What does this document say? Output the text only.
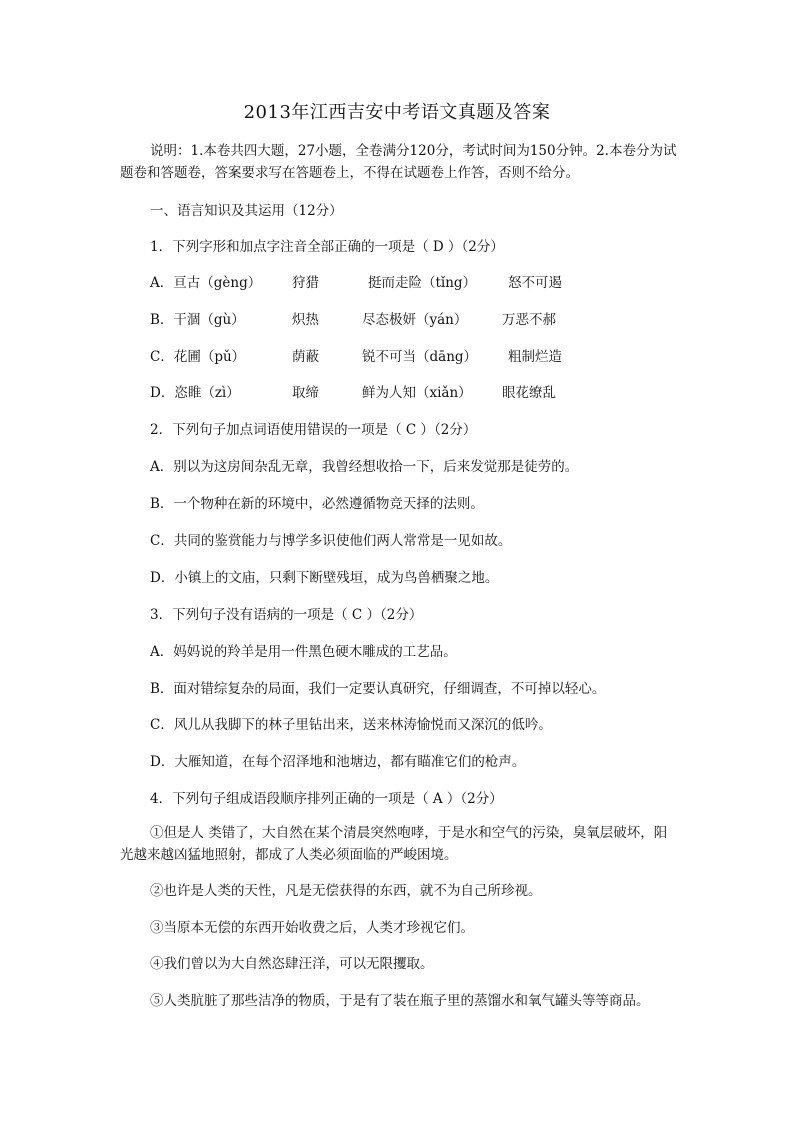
2013年江西吉安中考语文真题及答案
说明：1.本卷共四大题，27小题，全卷满分120分，考试时间为150分钟。2.本卷分为试题卷和答题卷，答案要求写在答题卷上，不得在试题卷上作答，否则不给分。
一、语言知识及其运用（12分）
1．下列字形和加点字注音全部正确的一项是（ D ）（2分）
A．亘古（gèng） 狩猎	挺而走险（tǐng） 怒不可遏
B．干涸（gù）	炽热	尽态极妍（yán）	万恶不郝
C．花圃（pǔ）	荫蔽	锐不可当（dāng） 粗制烂造
D．恣睢（zì）	取缔	鲜为人知（xiǎn） 眼花缭乱
2．下列句子加点词语使用错误的一项是（ C ）（2分）
A．别以为这房间杂乱无章，我曾经想收拾一下，后来发觉那是徒劳的。
B．一个物种在新的环境中，必然遵循物竞天择的法则。
C．共同的鉴赏能力与博学多识使他们两人常常是一见如故。
D．小镇上的文庙，只剩下断壁残垣，成为鸟兽栖聚之地。
3．下列句子没有语病的一项是（ C ）（2分）
A．妈妈说的羚羊是用一件黑色硬木雕成的工艺品。
B．面对错综复杂的局面，我们一定要认真研究，仔细调查，不可掉以轻心。
C．风儿从我脚下的林子里钻出来，送来林涛愉悦而又深沉的低吟。
D．大雁知道，在每个沼泽地和池塘边，都有瞄准它们的枪声。
4．下列句子组成语段顺序排列正确的一项是（ A ）（2分）
①但是人 类错了，大自然在某个清晨突然咆哮，于是水和空气的污染，臭氧层破坏，阳光越来越凶猛地照射，都成了人类必须面临的严峻困境。
②也许是人类的天性，凡是无偿获得的东西，就不为自己所珍视。
③当原本无偿的东西开始收费之后，人类才珍视它们。
④我们曾以为大自然恣肆汪洋，可以无限攫取。
⑤人类肮脏了那些洁净的物质，于是有了装在瓶子里的蒸馏水和氧气罐头等等商品。
